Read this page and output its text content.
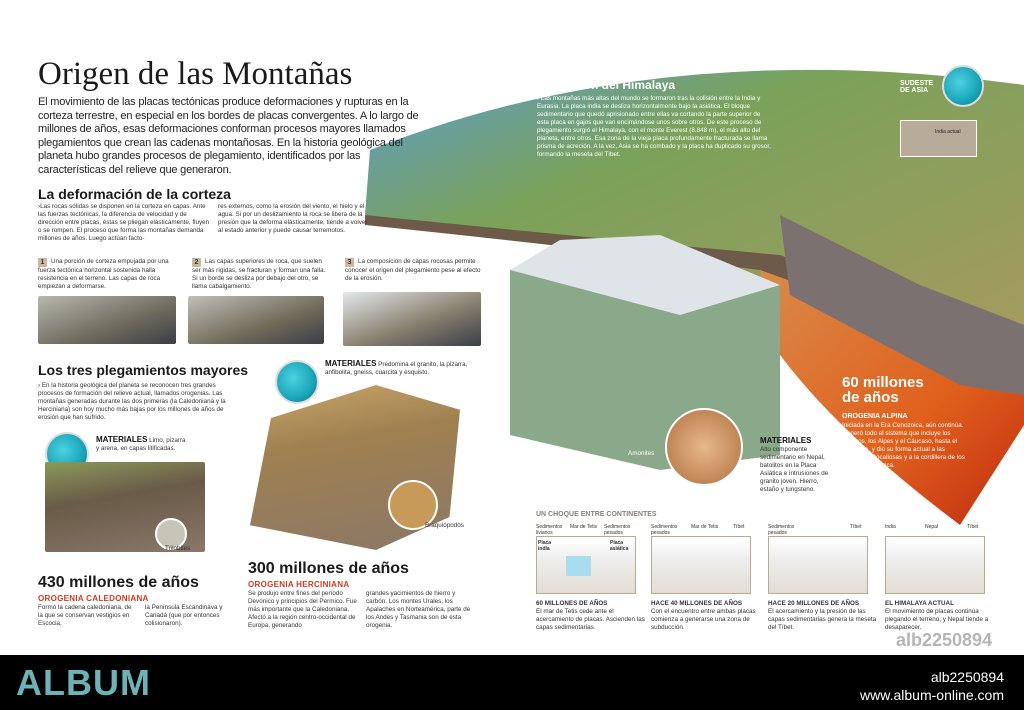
Origen de las Montañas

El movimiento de las placas tectónicas produce deformaciones y rupturas en la corteza terrestre, en especial en los bordes de placas convergentes. A lo largo de millones de años, esas deformaciones conforman procesos mayores llamados plegamientos que crean las cadenas montañosas. En la historia geológica del planeta hubo grandes procesos de plegamiento, identificados por las características del relieve que generaron.

La deformación de la corteza

›Las rocas sólidas se disponen en la corteza en capas. Ante las fuerzas tectónicas, la diferencia de velocidad y de dirección entre placas, éstas se pliegan elásticamente, fluyen o se rompen. El proceso que forma las montañas demanda millones de años. Luego actúan facto-

res externos, como la erosión del viento, el hielo y el agua. Si por un deslizamiento la roca se libera de la presión que la deforma elásticamente, tiende a volver al estado anterior y puede causar terremotos.

1 Una porción de corteza empujada por una fuerza tectónica horizontal sostenida halla resistencia en el terreno. Las capas de roca empiezan a deformarse.
2 Las capas superiores de roca, que suelen ser más rígidas, se fracturan y forman una falla. Si un borde se desliza por debajo del otro, se llama cabalgamiento.
3 La composición de capas rocosas permite conocer el origen del plegamiento pese al efecto de la erosión.
Los tres plegamientos mayores

› En la historia geológica del planeta se reconocen tres grandes procesos de formación del relieve actual, llamados orogenias. Las montañas generadas durante las dos primeras (la Caledoniana y la Herciniana) son hoy mucho más bajas por los millones de años de erosión que han sufrido.

MATERIALES Limo, pizarra y arena, en capas litificadas.
Trilobites
MATERIALES Predomina el granito, la pizarra, anfibolita, gneiss, cuarcita y esquisto.
Braquiópodos
430 millones de años
OROGENIA CALEDONIANA

Formó la cadena caledoniana, de la que se conservan vestigios en Escocia,

la Península Escandinava y Canadá (que por entonces colisionaron).

300 millones de años
OROGENIA HERCINIANA

Se produjo entre fines del período Devónico y principios del Pérmico. Fue más importante que la Caledoniana. Afectó a la región centro-occidental de Europa, generando

grandes yacimientos de hierro y carbón. Los montes Urales, los Apalaches en Norteamérica, parte de los Andes y Tasmania son de esta orogenia.

Formación del Himalaya

› Las montañas más altas del mundo se formaron tras la colisión entre la India y Eurasia. La placa india se desliza horizontalmente bajo la asiática. El bloque sedimentario que quedó aprisionado entre ellas va cortando la parte superior de esta placa en gajos que van encimándose unos sobre otros. De este proceso de plegamiento surgió el Himalaya, con el monte Everest (8.848 m), el más alto del planeta, entre otros. Esa zona de la vieja placa profundamente fracturada se llama prisma de acreción. A la vez, Asia se ha combado y la placa ha duplicado su grosor, formando la meseta del Tíbet.

SUDESTE DE ASIA
India actual
Amonites
60 millones de años
OROGENIA ALPINA

Iniciada en la Era Cenozoica, aún continúa. Generó todo el sistema que incluye los Pirineos, los Alpes y el Cáucaso, hasta el Himalaya, y dio su forma actual a las montañas Rocallosas y a la cordillera de los Andes en América.

MATERIALES
Alto componente sedimentario en Nepal, batolitos en la Placa Asiática e intrusiones de granito joven. Hierro, estaño y tungsteno.
UN CHOQUE ENTRE CONTINENTES
Sedimentos livianos
Mar de Tetis Sedimentos pesados
Placa india
Placa asiática
Sedimentos pesados
Mar de Tetis	Tíbet	Sedimentos pesados
Tíbet	India	Nepal	Tíbet
60 MILLONES DE AÑOS
El mar de Tetis cede ante el acercamiento de placas. Ascienden las capas sedimentarias.
HACE 40 MILLONES DE AÑOS
Con el encuentro entre ambas placas comienza a generarse una zona de subducción.
HACE 20 MILLONES DE AÑOS
El acercamiento y la presión de las capas sedimentarias genera la meseta del Tíbet.
EL HIMALAYA ACTUAL
El movimiento de placas continúa plegando el terreno, y Nepal tiende a desaparecer.
alb2250894
ALBUM	alb2250894
www.album-online.com
